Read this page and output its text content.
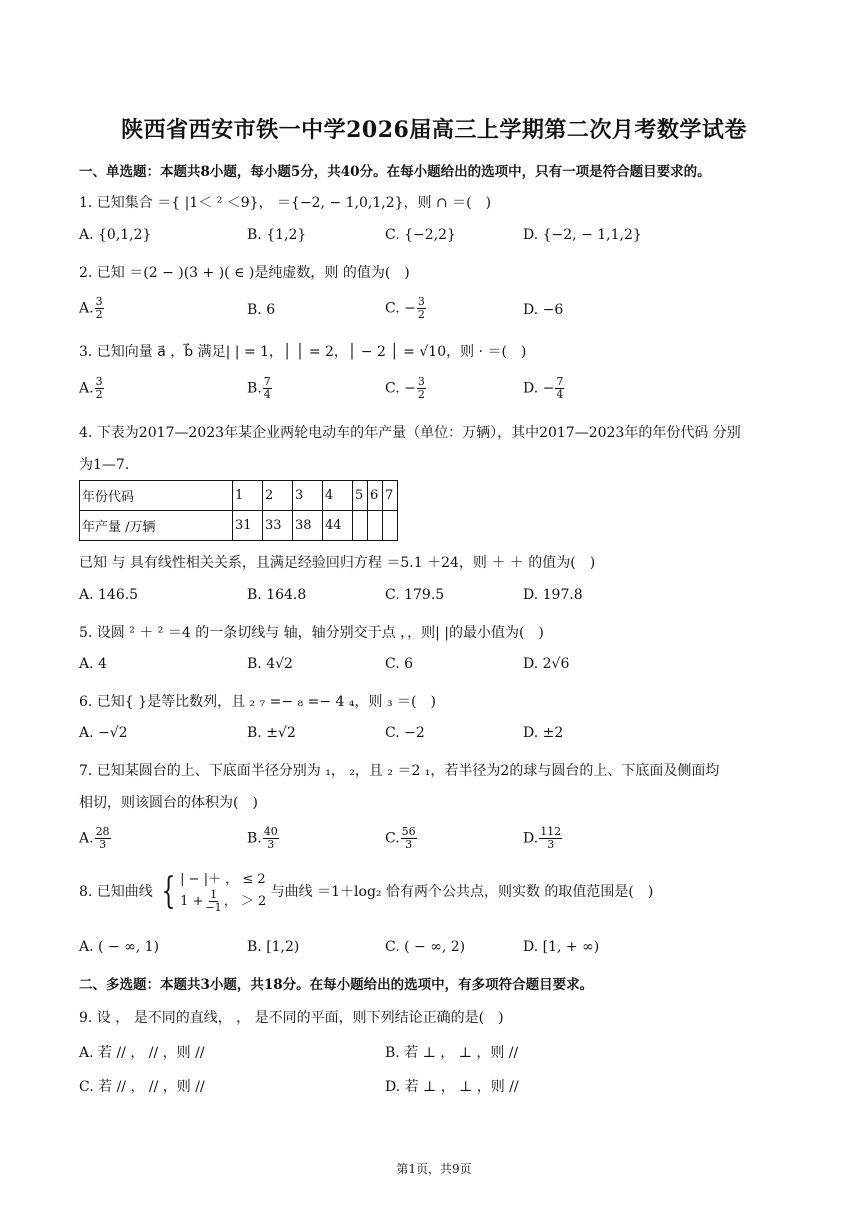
陕西省西安市铁一中学2026届高三上学期第二次月考数学试卷
一、单选题：本题共8小题，每小题5分，共40分。在每小题给出的选项中，只有一项是符合题目要求的。
1. 已知集合 ＝{ |1＜ ² ＜9}， ＝{−2, − 1,0,1,2}，则 ∩ ＝(　)
A. {0,1,2}	B. {1,2}	C. {−2,2}	D. {−2, − 1,1,2}
2. 已知 ＝(2 − )(3 + )( ∈ )是纯虚数，则 的值为(　)
A. $\frac{3}{2}$	B. 6	C. − $\frac{3}{2}$	D. −6
3. 已知向量 a⃗ ，b⃗ 满足| | = 1，│ │ = 2，│ − 2 │ = √10，则 · ＝(　)
A. $\frac{3}{2}$	B. $\frac{7}{4}$	C. − $\frac{3}{2}$	D. − $\frac{7}{4}$
4. 下表为2017—2023年某企业两轮电动车的年产量（单位：万辆），其中2017—2023年的年份代码 分别
为1—7.
年份代码	1	2	3	4	5	6	7
年产量 /万辆	31	33	38	44			
已知 与 具有线性相关关系，且满足经验回归方程 ＝5.1 ＋24，则 ＋ ＋ 的值为(　)
A. 146.5	B. 164.8	C. 179.5	D. 197.8
5. 设圆 ² ＋ ² ＝4 的一条切线与 轴，轴分别交于点 ，，则| |的最小值为(　)
A. 4	B. 4√2	C. 6	D. 2√6
6. 已知{ }是等比数列，且 ₂ ₇ =− ₈ =− 4 ₄，则 ₃ ＝(　)
A. −√2	B. ±√2	C. −2	D. ±2
7. 已知某圆台的上、下底面半径分别为 ₁， ₂，且 ₂ ＝2 ₁，若半径为2的球与圆台的上、下底面及侧面均
相切，则该圆台的体积为(　)
A. $\frac{28}{3}$	B. $\frac{40}{3}$	C. $\frac{56}{3}$	D. $\frac{112}{3}$
8. 已知曲线 { | − |＋ ， ≤ 2
$1 + \frac{1}{-1}$ ， ＞ 2
与曲线 ＝1＋log₂ 恰有两个公共点，则实数 的取值范围是(　)
A. ( − ∞, 1)	B. [1,2)	C. ( − ∞, 2)	D. [1, + ∞)
二、多选题：本题共3小题，共18分。在每小题给出的选项中，有多项符合题目要求。
9. 设 ， 是不同的直线， ， 是不同的平面，则下列结论正确的是(　)
A. 若 // ， // ，则 //	B. 若 ⊥ ， ⊥ ，则 //
C. 若 // ， // ，则 //	D. 若 ⊥ ， ⊥ ，则 //
第1页，共9页
